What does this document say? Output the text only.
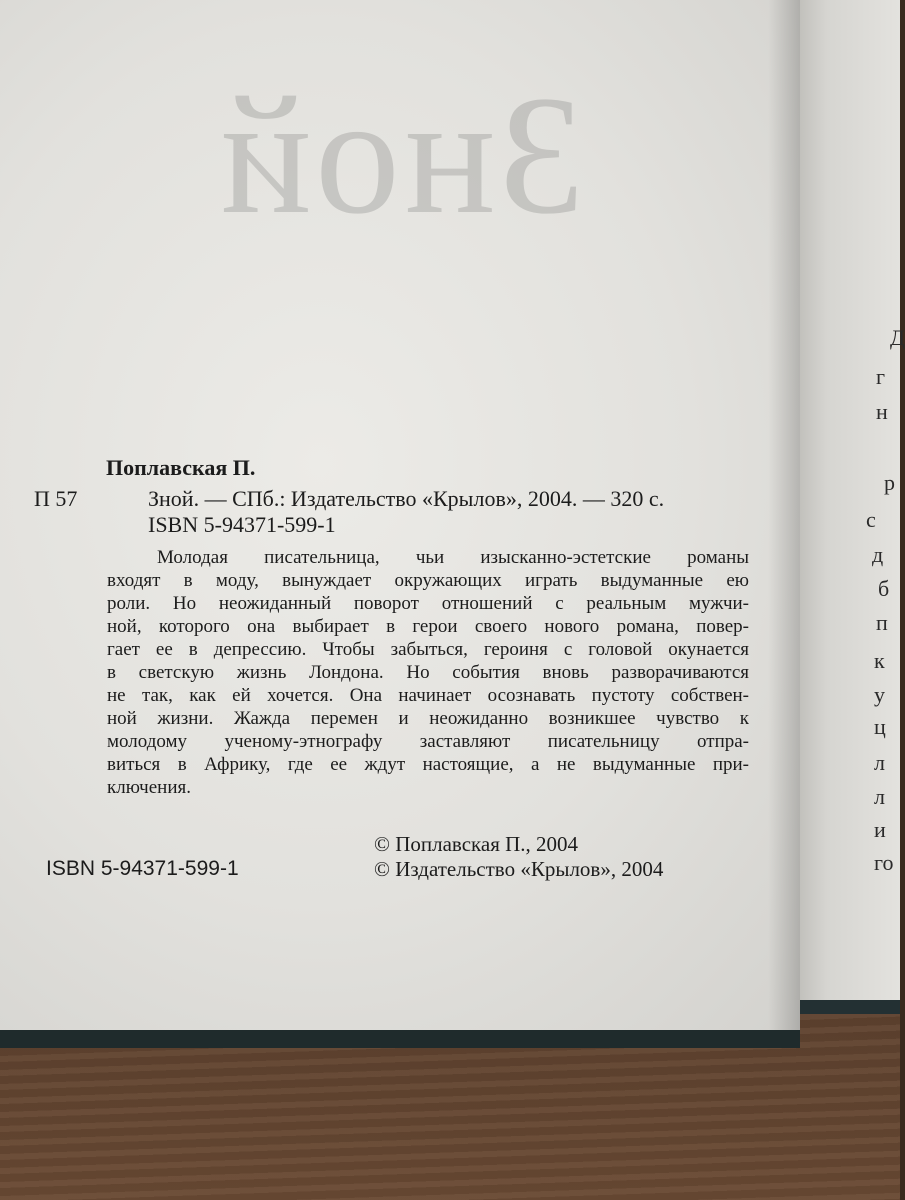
Зной
Поплавская П.
П 57	Зной. — СПб.: Издательство «Крылов», 2004. — 320 с.
ISBN 5-94371-599-1
Молодая писательница, чьи изысканно-эстетские романы
входят в моду, вынуждает окружающих играть выдуманные ею
роли. Но неожиданный поворот отношений с реальным мужчи-
ной, которого она выбирает в герои своего нового романа, повер-
гает ее в депрессию. Чтобы забыться, героиня с головой окунается
в светскую жизнь Лондона. Но события вновь разворачиваются
не так, как ей хочется. Она начинает осознавать пустоту собствен-
ной жизни. Жажда перемен и неожиданно возникшее чувство к
молодому ученому-этнографу заставляют писательницу отпра-
виться в Африку, где ее ждут настоящие, а не выдуманные при-
ключения.
ISBN 5-94371-599-1
© Поплавская П., 2004
© Издательство «Крылов», 2004
Д
г
н
р
с
д
б
п
к
у
ц
л
л
и
го
